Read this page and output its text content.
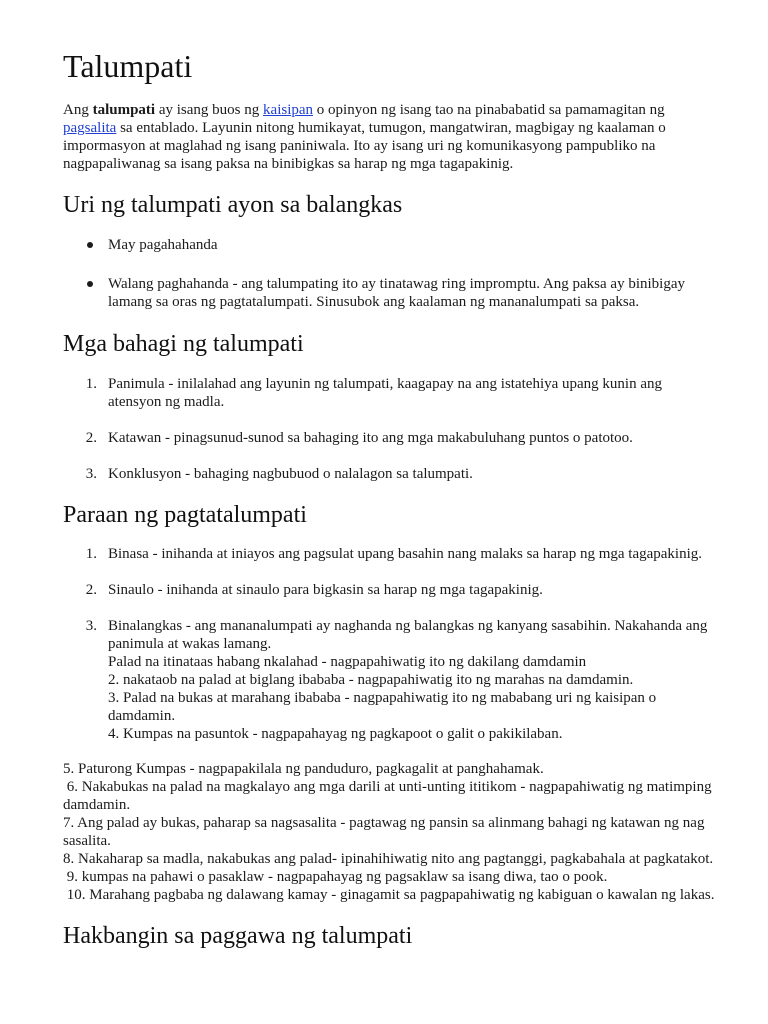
Talumpati
Ang talumpati ay isang buos ng kaisipan o opinyon ng isang tao na pinababatid sa pamamagitan ng
pagsalita sa entablado. Layunin nitong humikayat, tumugon, mangatwiran, magbigay ng kaalaman o
impormasyon at maglahad ng isang paniniwala. Ito ay isang uri ng komunikasyong pampubliko na
nagpapaliwanag sa isang paksa na binibigkas sa harap ng mga tagapakinig.
Uri ng talumpati ayon sa balangkas
May pagahahanda
Walang paghahanda - ang talumpating ito ay tinatawag ring impromptu. Ang paksa ay binibigay
lamang sa oras ng pagtatalumpati. Sinusubok ang kaalaman ng mananalumpati sa paksa.
Mga bahagi ng talumpati
1. Panimula - inilalahad ang layunin ng talumpati, kaagapay na ang istatehiya upang kunin ang
atensyon ng madla.
2. Katawan - pinagsunud-sunod sa bahaging ito ang mga makabuluhang puntos o patotoo.
3. Konklusyon - bahaging nagbubuod o nalalagon sa talumpati.
Paraan ng pagtatalumpati
1. Binasa - inihanda at iniayos ang pagsulat upang basahin nang malaks sa harap ng mga tagapakinig.
2. Sinaulo - inihanda at sinaulo para bigkasin sa harap ng mga tagapakinig.
3. Binalangkas - ang mananalumpati ay naghanda ng balangkas ng kanyang sasabihin. Nakahanda ang
panimula at wakas lamang.
Palad na itinataas habang nkalahad - nagpapahiwatig ito ng dakilang damdamin
2. nakataob na palad at biglang ibababa - nagpapahiwatig ito ng marahas na damdamin.
3. Palad na bukas at marahang ibababa - nagpapahiwatig ito ng mababang uri ng kaisipan o
damdamin.
4. Kumpas na pasuntok - nagpapahayag ng pagkapoot o galit o pakikilaban.
5. Paturong Kumpas - nagpapakilala ng panduduro, pagkagalit at panghahamak.
6. Nakabukas na palad na magkalayo ang mga darili at unti-unting ititikom - nagpapahiwatig ng matimping
damdamin.
7. Ang palad ay bukas, paharap sa nagsasalita - pagtawag ng pansin sa alinmang bahagi ng katawan ng nag
sasalita.
8. Nakaharap sa madla, nakabukas ang palad- ipinahihiwatig nito ang pagtanggi, pagkabahala at pagkatakot.
9. kumpas na pahawi o pasaklaw - nagpapahayag ng pagsaklaw sa isang diwa, tao o pook.
10. Marahang pagbaba ng dalawang kamay - ginagamit sa pagpapahiwatig ng kabiguan o kawalan ng lakas.
Hakbangin sa paggawa ng talumpati
